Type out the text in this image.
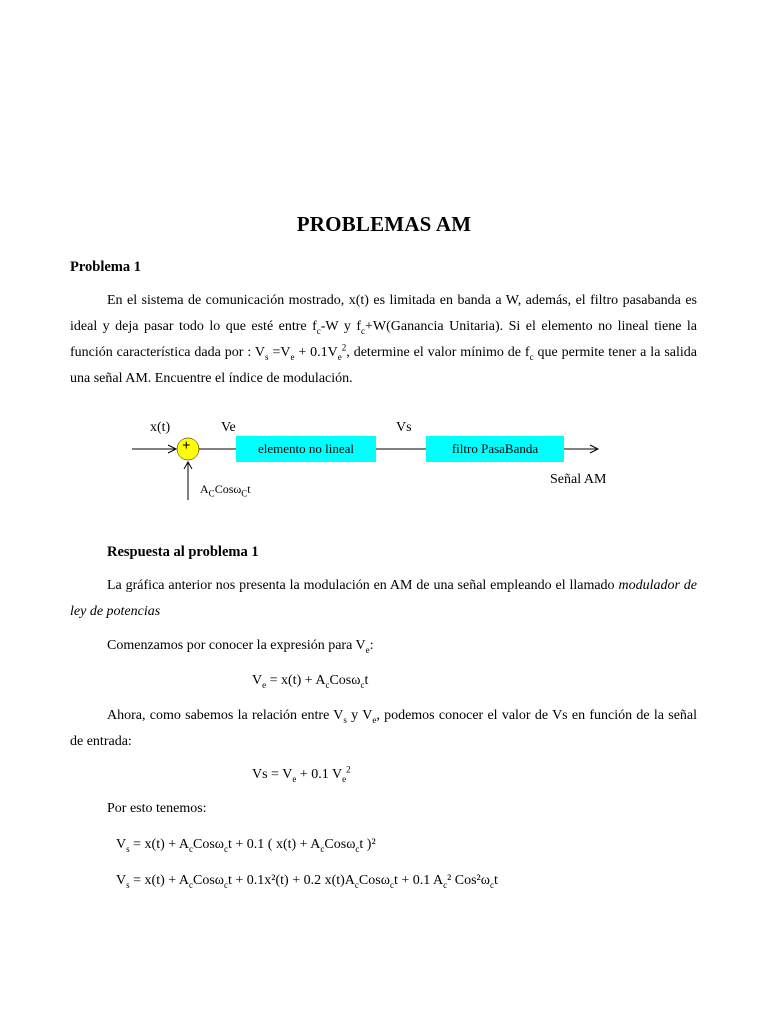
PROBLEMAS AM
Problema 1
En el sistema de comunicación mostrado, x(t) es limitada en banda a W, además, el filtro pasabanda es ideal y deja pasar todo lo que esté entre $f_c-W$ y $f_c+W(Ganancia$ Unitaria). Si el elemento no lineal tiene la función característica dada por : $V_s =V_e + 0.1V_e^2$, determine el valor mínimo de $f_c$ que permite tener a la salida una señal AM. Encuentre el índice de modulación.
x(t)
+
Ve	Vs
elemento no lineal	filtro PasaBanda
Señal AM
$A_CCos\omega_Ct$
Respuesta al problema 1
La gráfica anterior nos presenta la modulación en AM de una señal empleando el llamado modulador de ley de potencias
Comenzamos por conocer la expresión para $V_e$:
$V_e = x(t) + A_cCos\omega_ct$
Ahora, como sabemos la relación entre $V_s$ y $V_e$, podemos conocer el valor de Vs en función de la señal de entrada:
$Vs = V_e + 0.1$ $V_e^2$
Por esto tenemos:
$V_s = x(t) + A_cCos\omega_ct + 0.1$ ( $x(t) + A_cCos\omega_ct$ )²
$V_s = x(t) + A_cCos\omega_ct + 0.1x^2(t) + 0.2$ $x(t)A_cCos\omega_ct + 0.1$ $A_c^2$ $Cos^2\omega_ct$
